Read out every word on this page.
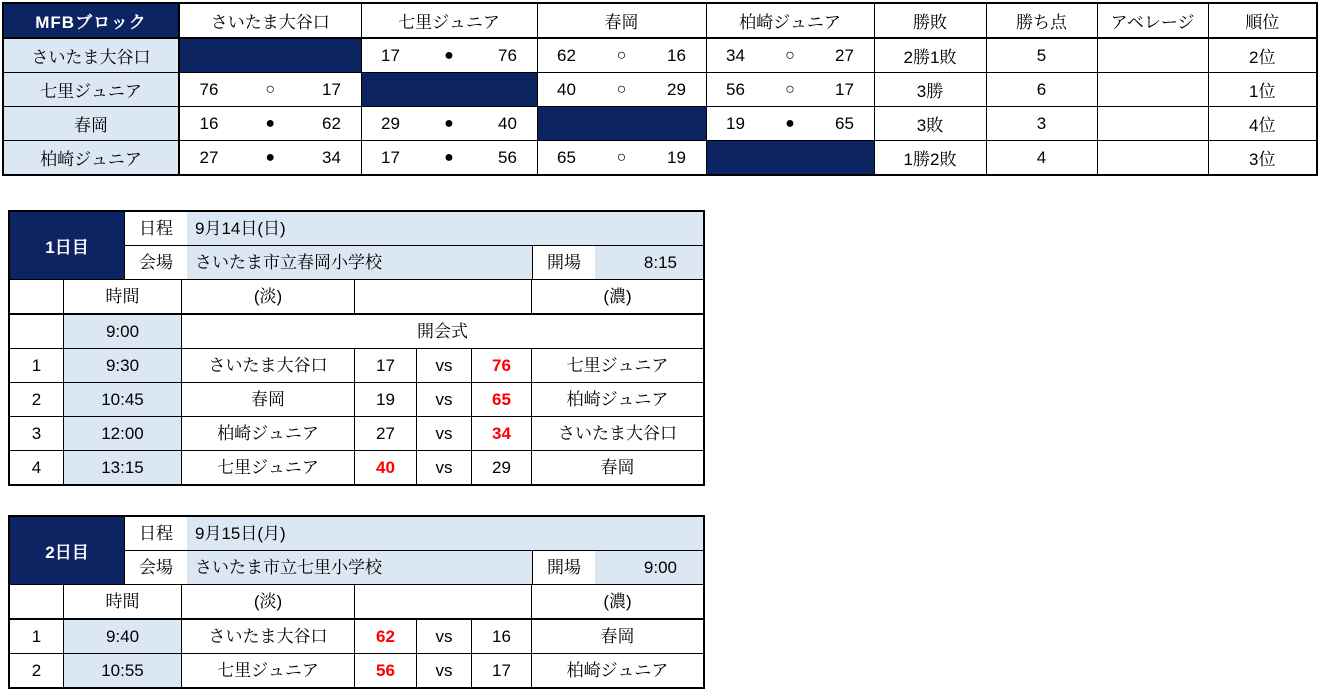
MFBブロック	さいたま大谷口	七里ジュニア	春岡	柏崎ジュニア	勝敗	勝ち点	アベレージ	順位
さいたま大谷口		17 ● 76	62 ○ 16	34 ○ 27	2勝1敗	5		2位
七里ジュニア	76 ○ 17		40 ○ 29	56 ○ 17	3勝	6		1位
春岡	16 ● 62	29 ● 40		19 ● 65	3敗	3		4位
柏崎ジュニア	27 ● 34	17 ● 56	65 ○ 19		1勝2敗	4		3位
1日目
日程	9月14日(日)
会場	さいたま市立春岡小学校	開場	8:15
時間	(淡)	(濃)
9:00	開会式
1	9:30	さいたま大谷口	17	vs	76	七里ジュニア
2	10:45	春岡	19	vs	65	柏崎ジュニア
3	12:00	柏崎ジュニア	27	vs	34	さいたま大谷口
4	13:15	七里ジュニア	40	vs	29	春岡
2日目
日程	9月15日(月)
会場	さいたま市立七里小学校	開場	9:00
時間	(淡)	(濃)
1	9:40	さいたま大谷口	62	vs	16	春岡
2	10:55	七里ジュニア	56	vs	17	柏崎ジュニア
